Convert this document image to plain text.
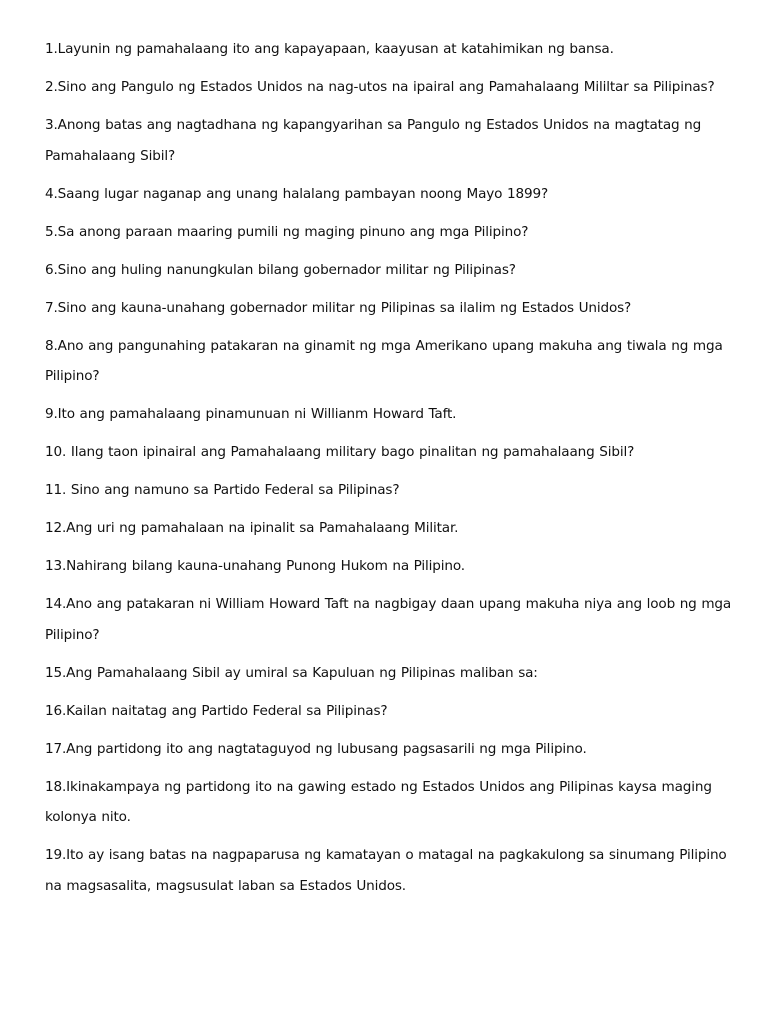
1.Layunin ng pamahalaang ito ang kapayapaan, kaayusan at katahimikan ng bansa.

2.Sino ang Pangulo ng Estados Unidos na nag-utos na ipairal ang Pamahalaang Mililtar sa Pilipinas?

3.Anong batas ang nagtadhana ng kapangyarihan sa Pangulo ng Estados Unidos na magtatag ng Pamahalaang Sibil?

4.Saang lugar naganap ang unang halalang pambayan noong Mayo 1899?

5.Sa anong paraan maaring pumili ng maging pinuno ang mga Pilipino?

6.Sino ang huling nanungkulan bilang gobernador militar ng Pilipinas?

7.Sino ang kauna-unahang gobernador militar ng Pilipinas sa ilalim ng Estados Unidos?

8.Ano ang pangunahing patakaran na ginamit ng mga Amerikano upang makuha ang tiwala ng mga Pilipino?

9.Ito ang pamahalaang pinamunuan ni Willianm Howard Taft.

10. Ilang taon ipinairal ang Pamahalaang military bago pinalitan ng pamahalaang Sibil?

11. Sino ang namuno sa Partido Federal sa Pilipinas?

12.Ang uri ng pamahalaan na ipinalit sa Pamahalaang Militar.

13.Nahirang bilang kauna-unahang Punong Hukom na Pilipino.

14.Ano ang patakaran ni William Howard Taft na nagbigay daan upang makuha niya ang loob ng mga Pilipino?

15.Ang Pamahalaang Sibil ay umiral sa Kapuluan ng Pilipinas maliban sa:

16.Kailan naitatag ang Partido Federal sa Pilipinas?

17.Ang partidong ito ang nagtataguyod ng lubusang pagsasarili ng mga Pilipino.

18.Ikinakampaya ng partidong ito na gawing estado ng Estados Unidos ang Pilipinas kaysa maging kolonya nito.

19.Ito ay isang batas na nagpaparusa ng kamatayan o matagal na pagkakulong sa sinumang Pilipino na magsasalita, magsusulat laban sa Estados Unidos.
